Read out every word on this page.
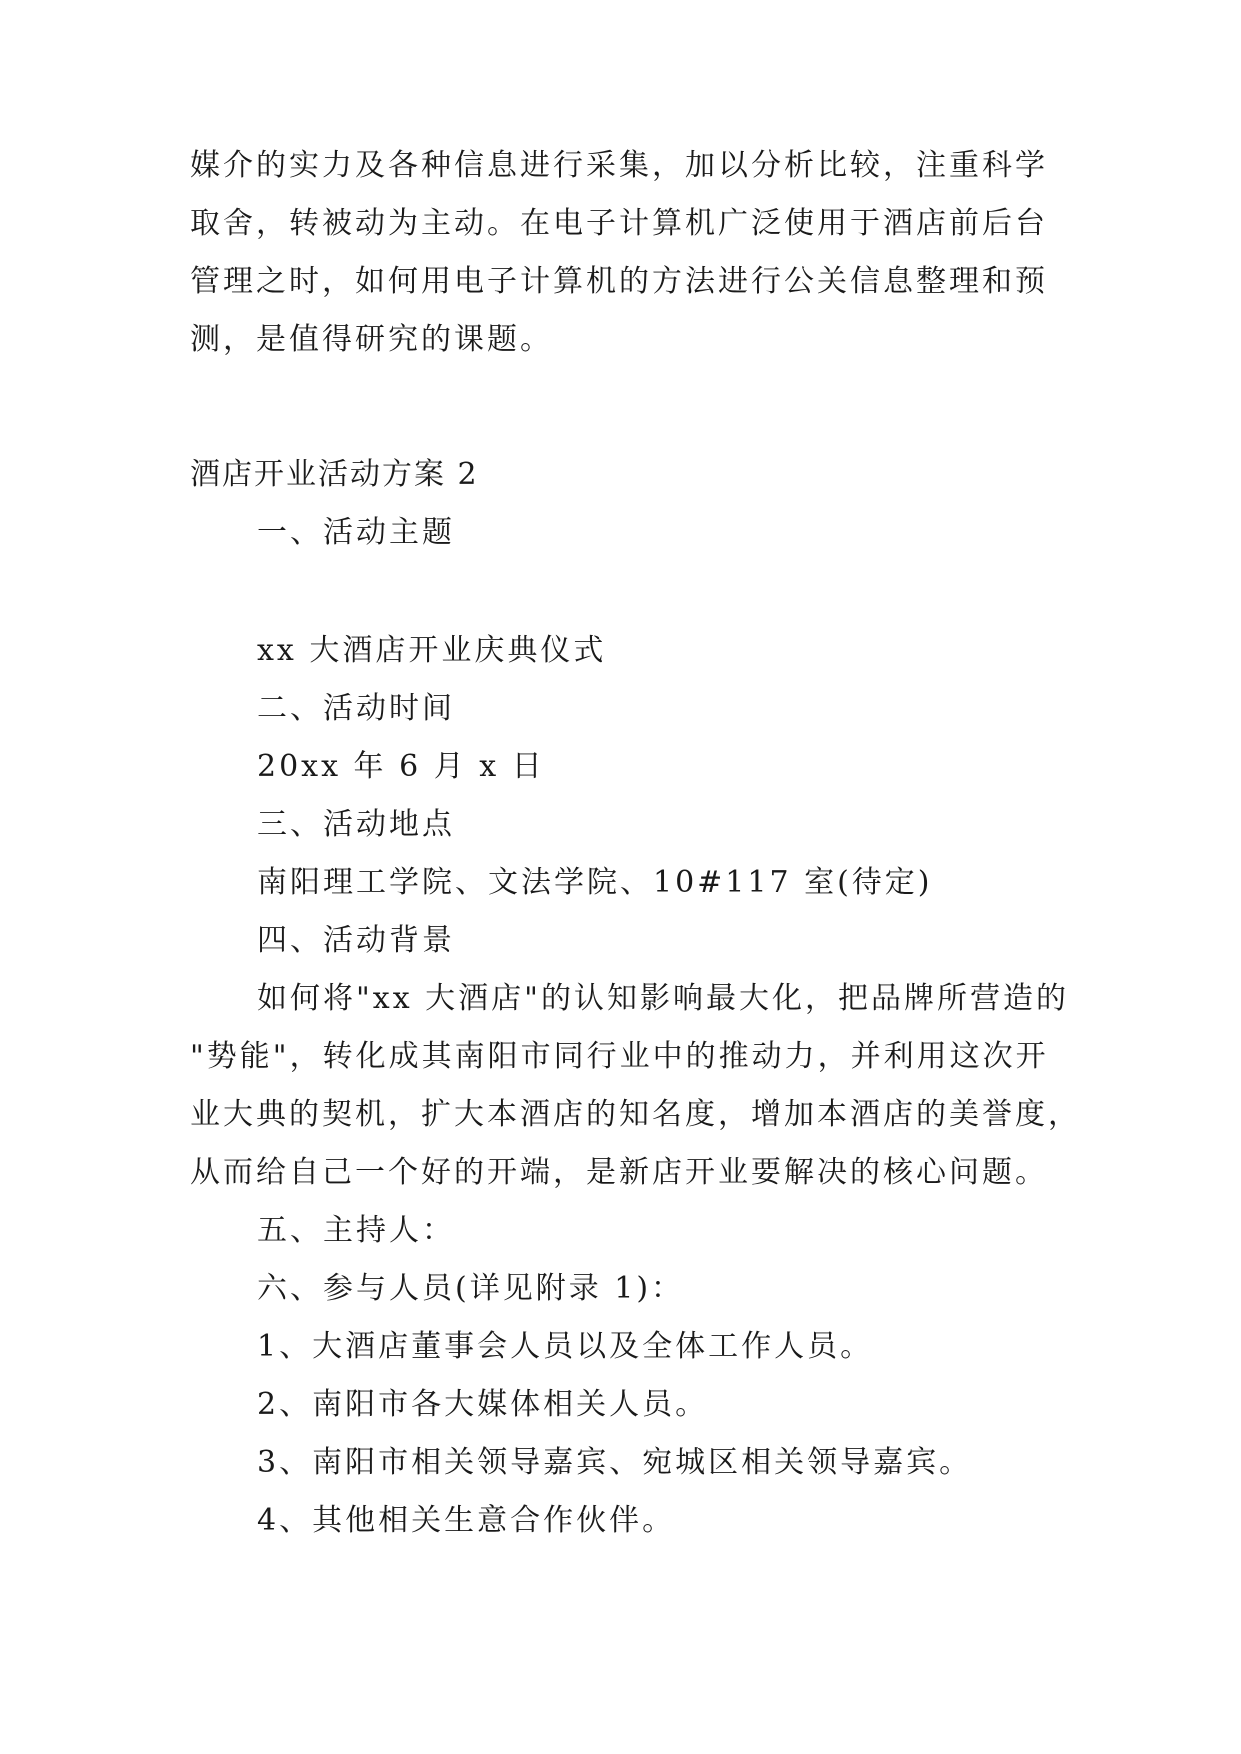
媒介的实力及各种信息进行采集，加以分析比较，注重科学
取舍，转被动为主动。在电子计算机广泛使用于酒店前后台
管理之时，如何用电子计算机的方法进行公关信息整理和预
测，是值得研究的课题。
酒店开业活动方案 2
一、活动主题
xx 大酒店开业庆典仪式
二、活动时间
20xx 年 6 月 x 日
三、活动地点
南阳理工学院、文法学院、10#117 室(待定)
四、活动背景
如何将"xx 大酒店"的认知影响最大化，把品牌所营造的
"势能"，转化成其南阳市同行业中的推动力，并利用这次开
业大典的契机，扩大本酒店的知名度，增加本酒店的美誉度，
从而给自己一个好的开端，是新店开业要解决的核心问题。
五、主持人：
六、参与人员(详见附录 1)：
1、大酒店董事会人员以及全体工作人员。
2、南阳市各大媒体相关人员。
3、南阳市相关领导嘉宾、宛城区相关领导嘉宾。
4、其他相关生意合作伙伴。
